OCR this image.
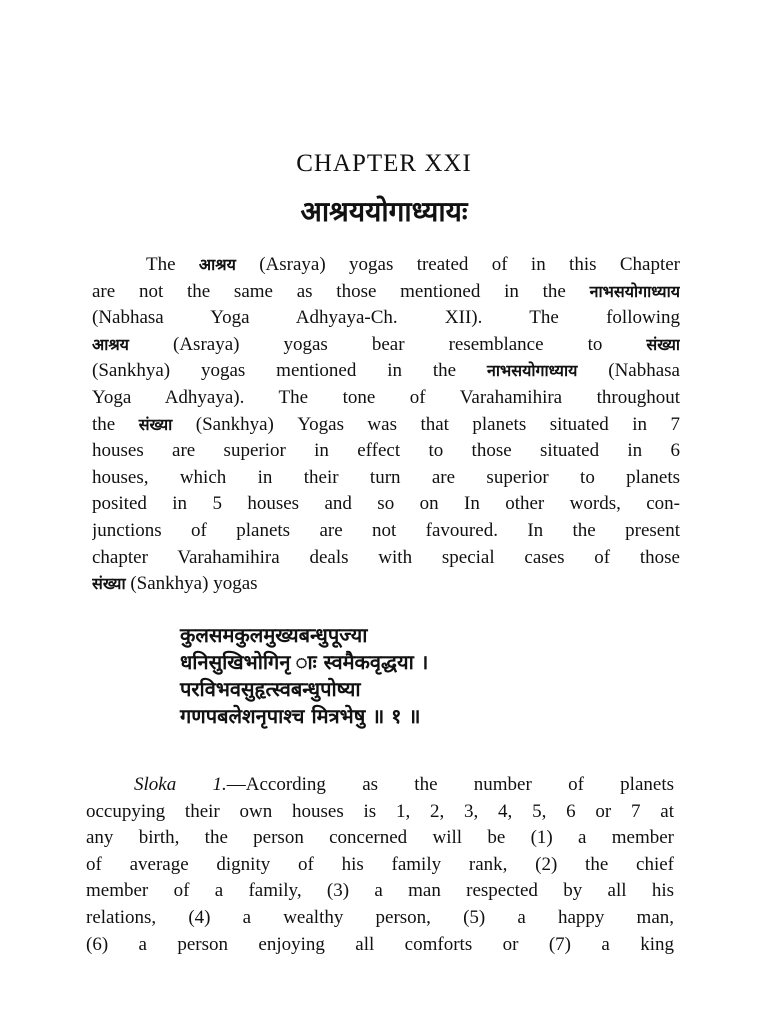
CHAPTER XXI
आश्रययोगाध्यायः
The आश्रय (Asraya) yogas treated of in this Chapter
are not the same as those mentioned in the नाभसयोगाध्याय
(Nabhasa Yoga Adhyaya-Ch. XII). The following
आश्रय (Asraya) yogas bear resemblance to संख्या
(Sankhya) yogas mentioned in the नाभसयोगाध्याय (Nabhasa
Yoga Adhyaya). The tone of Varahamihira throughout
the संख्या (Sankhya) Yogas was that planets situated in 7
houses are superior in effect to those situated in 6
houses, which in their turn are superior to planets
posited in 5 houses and so on In other words, con-
junctions of planets are not favoured. In the present
chapter Varahamihira deals with special cases of those
संख्या (Sankhya) yogas
कुलसमकुलमुख्यबन्धुपूज्या
धनिसुखिभोगिनृ ाः स्वमैकवृद्धया ।
परविभवसुहृत्स्वबन्धुपोष्या
गणपबलेशनृपाश्च मित्रभेषु ॥ १ ॥
Sloka 1.—According as the number of planets
occupying their own houses is 1, 2, 3, 4, 5, 6 or 7 at
any birth, the person concerned will be (1) a member
of average dignity of his family rank, (2) the chief
member of a family, (3) a man respected by all his
relations, (4) a wealthy person, (5) a happy man,
(6) a person enjoying all comforts or (7) a king
